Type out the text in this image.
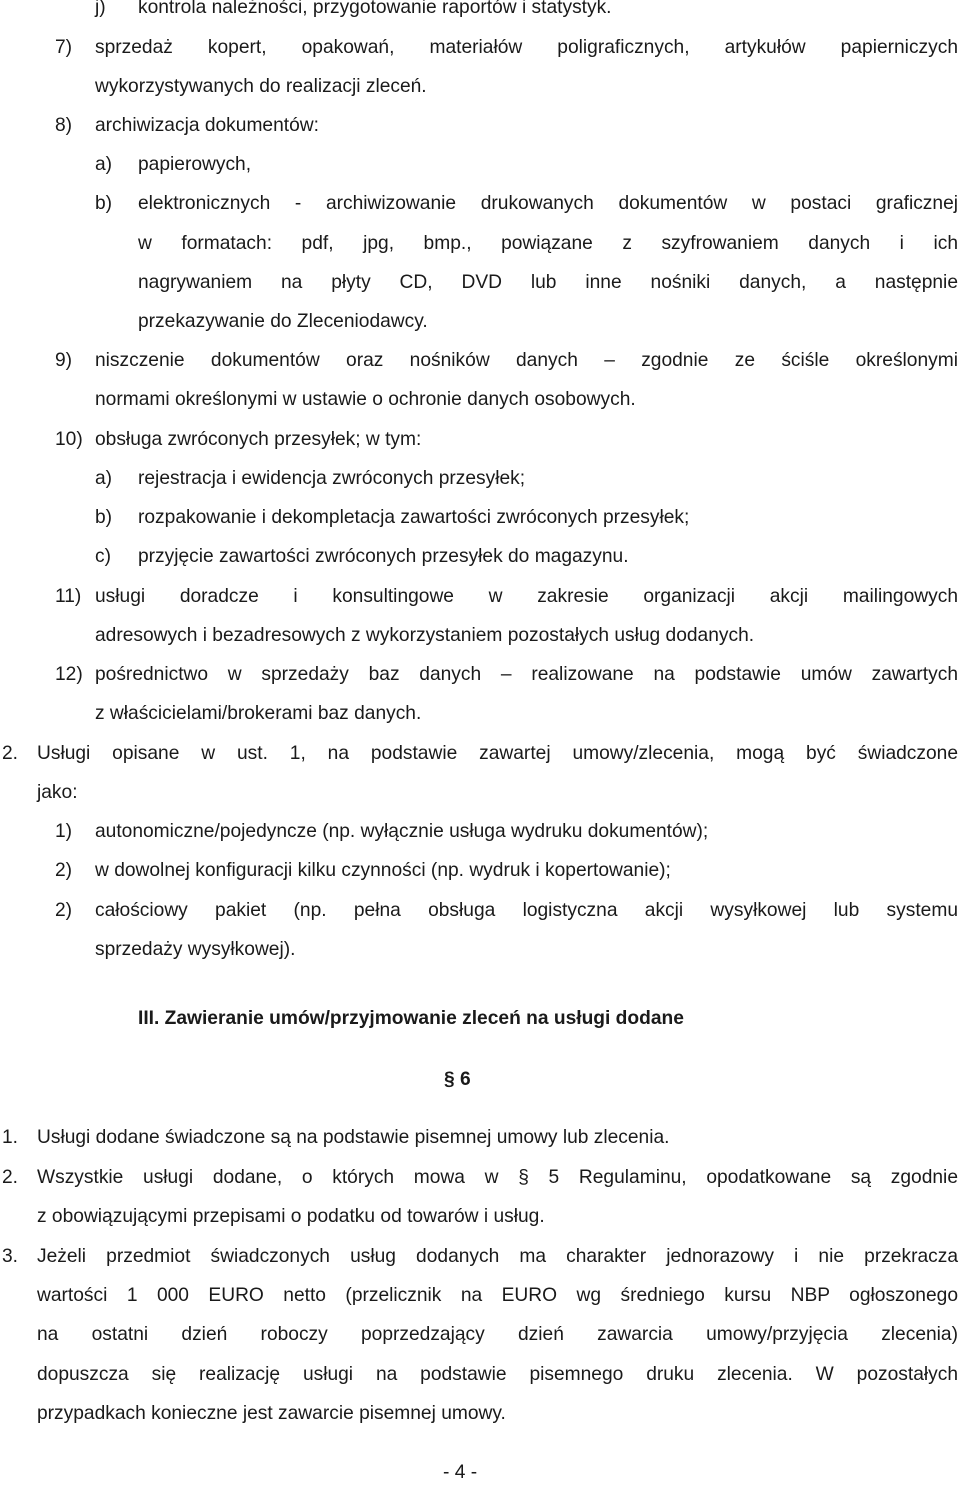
j) kontrola należności, przygotowanie raportów i statystyk.
7) sprzedaż kopert, opakowań, materiałów poligraficznych, artykułów papierniczych
wykorzystywanych do realizacji zleceń.
8) archiwizacja dokumentów:
a) papierowych,
b) elektronicznych - archiwizowanie drukowanych dokumentów w postaci graficznej
w formatach: pdf, jpg, bmp., powiązane z szyfrowaniem danych i ich
nagrywaniem na płyty CD, DVD lub inne nośniki danych, a następnie
przekazywanie do Zleceniodawcy.
9) niszczenie dokumentów oraz nośników danych – zgodnie ze ściśle określonymi
normami określonymi w ustawie o ochronie danych osobowych.
10) obsługa zwróconych przesyłek; w tym:
a) rejestracja i ewidencja zwróconych przesyłek;
b) rozpakowanie i dekompletacja zawartości zwróconych przesyłek;
c) przyjęcie zawartości zwróconych przesyłek do magazynu.
11) usługi doradcze i konsultingowe w zakresie organizacji akcji mailingowych
adresowych i bezadresowych z wykorzystaniem pozostałych usług dodanych.
12) pośrednictwo w sprzedaży baz danych – realizowane na podstawie umów zawartych
z właścicielami/brokerami baz danych.
2. Usługi opisane w ust. 1, na podstawie zawartej umowy/zlecenia, mogą być świadczone
jako:
1) autonomiczne/pojedyncze (np. wyłącznie usługa wydruku dokumentów);
2) w dowolnej konfiguracji kilku czynności (np. wydruk i kopertowanie);
2) całościowy pakiet (np. pełna obsługa logistyczna akcji wysyłkowej lub systemu
sprzedaży wysyłkowej).
III. Zawieranie umów/przyjmowanie zleceń na usługi dodane
§ 6
1. Usługi dodane świadczone są na podstawie pisemnej umowy lub zlecenia.
2. Wszystkie usługi dodane, o których mowa w § 5 Regulaminu, opodatkowane są zgodnie
z obowiązującymi przepisami o podatku od towarów i usług.
3. Jeżeli przedmiot świadczonych usług dodanych ma charakter jednorazowy i nie przekracza
wartości 1 000 EURO netto (przelicznik na EURO wg średniego kursu NBP ogłoszonego
na ostatni dzień roboczy poprzedzający dzień zawarcia umowy/przyjęcia zlecenia)
dopuszcza się realizację usługi na podstawie pisemnego druku zlecenia. W pozostałych
przypadkach konieczne jest zawarcie pisemnej umowy.
- 4 -
